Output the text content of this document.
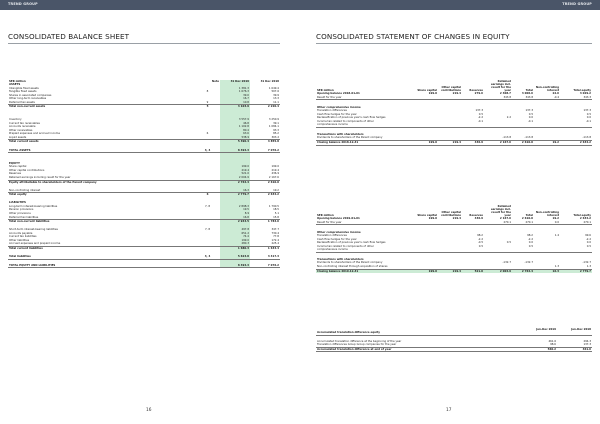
TREND GROUP
CONSOLIDATED BALANCE SHEET
SEK million	Note	31 Dec 2019	31 Dec 2018
ASSETS			
Intangible fixed assets		1 381.3	1 649.4
Tangible fixed assets	8	1 676.3	507.6
Shares in associated companies		39.0	39.9
Other long-term receivables		16.7	13.3
Deferred tax assets	9	10.8	11.1
Total non-current assets	5	3 103.9	2 220.4

Inventory		3 557.9	3 250.9
Current tax receivables		46.8	39.1
Accounts receivable		1 102.8	1 084.1
Other receivables		80.4	93.3
Prepaid expenses and accrued income	6	63.6	85.2
Liquid assets		538.9	303.2
Total current assets		5 390.4	4 855.8

TOTAL ASSETS	3, 4	8 494.3	7 076.2

EQUITY			
Share capital		199.0	199.0
Other capital contributions		219.4	219.4
Reserves		521.0	436.9
Retained earnings including result for the year		2 004.9	2 167.6
Equity attributable to shareholders of the Parent company		2 764.4	2 610.0

Non-controlling interest		16.3	19.2
Total equity	6	2 779.7	2 634.2

LIABILITIES			
Long-term interest-bearing liabilities	7, 8	2 898.3	1 790.5
Pension provisions		19.5	18.5
Other provisions		8.9	5.1
Deferred tax liabilities		16.8	15.8
Total non-current liabilities		2 943.5	1 783.6

Short-term interest-bearing liabilities	7, 8	497.8	347.7
Accounts payable		651.2	730.4
Current tax liabilities		74.4	77.8
Other liabilities		199.0	172.4
Accrued expenses and prepaid income		280.3	225.4
Total current liabilities		1 680.3	1 633.4

Total liabilities	3, 4	5 623.8	3 417.3

TOTAL EQUITY AND LIABILITIES		8 494.3	7 076.2
16
TREND GROUP
CONSOLIDATED STATEMENT OF CHANGES IN EQUITY
SEK million	Share capital	Other capital contributions	Reserves	Retained earnings incl. result for the year	Total	Non-controlling interest	Total equity
Opening balance 2018-01-01	199.0	219.4	279.6	2 308.7	3 006.6	22.6	3 029.2
Result for the year				343.8	343.8	-0.4	343.3

Other comprehensive income							
Translation differences			137.3		137.3		137.3
Cash flow hedges for the year			0.5		0.5		0.5
Reclassification of previous year's cash flow hedges			-2.2	2.2	0.0		0.0
Income tax related to components of other			-0.1		-0.1		-0.1
comprehensive income							

Transactions with shareholders							
Dividends to shareholders of the Parent company				-113.8	-113.8		-113.8
Closing balance 2018-12-31	199.0	219.4	436.9	2 167.6	2 610.0	19.2	2 634.2
SEK million	Share capital	Other capital contributions	Reserves	Retained earnings incl. result for the year	Total	Non-controlling interest	Total equity
Opening balance 2019-01-01	199.0	219.4	436.9	2 167.6	2 610.0	19.2	2 634.2
Result for the year				270.1	270.1	0.0	270.1

Other comprehensive income							
Translation differences			98.2		98.2	1.4	99.6
Cash flow hedges for the year			-2.2		-2.2		-2.2
Reclassification of previous year's cash flow hedges			-0.5	0.5	0.0		0.0
Income tax related to components of other			0.5		0.5		0.5
comprehensive income							

Transactions with shareholders							
Dividends to shareholders of the Parent company				-132.7	-132.7		-132.7
Non-controlling interest through acquisition of shares						1.3	1.3
Closing balance 2019-12-31	199.0	219.4	521.0	2 004.9	2 764.4	16.3	2 779.7
	Jan–Dec 2019	Jan–Dec 2018
Accumulated translation difference equity		

Accumulated translation difference at the beginning of the year	461.6	294.3
Translation differences Group Group companies for the year	98.6	137.3
Accumulated translation difference at end of year	560.2	461.6
17
